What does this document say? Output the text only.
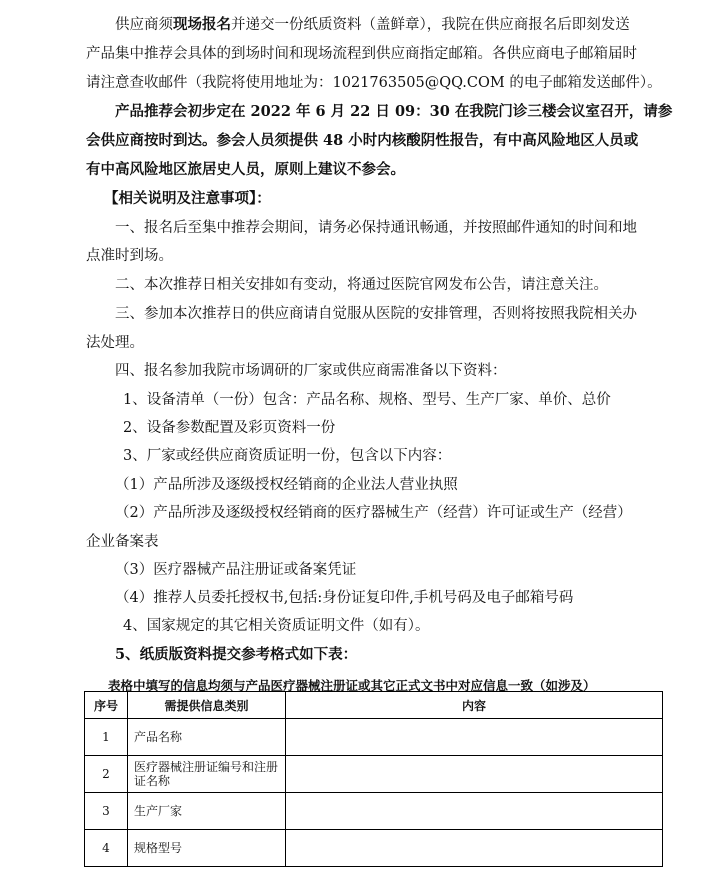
供应商须现场报名并递交一份纸质资料（盖鲜章），我院在供应商报名后即刻发送
产品集中推荐会具体的到场时间和现场流程到供应商指定邮箱。各供应商电子邮箱届时
请注意查收邮件（我院将使用地址为：1021763505@QQ.COM 的电子邮箱发送邮件）。
产品推荐会初步定在 2022 年 6 月 22 日 09：30 在我院门诊三楼会议室召开，请参
会供应商按时到达。参会人员须提供 48 小时内核酸阴性报告，有中高风险地区人员或
有中高风险地区旅居史人员，原则上建议不参会。
【相关说明及注意事项】：
一、报名后至集中推荐会期间，请务必保持通讯畅通，并按照邮件通知的时间和地
点准时到场。
二、本次推荐日相关安排如有变动，将通过医院官网发布公告，请注意关注。
三、参加本次推荐日的供应商请自觉服从医院的安排管理，否则将按照我院相关办
法处理。
四、报名参加我院市场调研的厂家或供应商需准备以下资料：
1、设备清单（一份）包含：产品名称、规格、型号、生产厂家、单价、总价
2、设备参数配置及彩页资料一份
3、厂家或经供应商资质证明一份，包含以下内容：
（1）产品所涉及逐级授权经销商的企业法人营业执照
（2）产品所涉及逐级授权经销商的医疗器械生产（经营）许可证或生产（经营）
企业备案表
（3）医疗器械产品注册证或备案凭证
（4）推荐人员委托授权书,包括:身份证复印件,手机号码及电子邮箱号码
4、国家规定的其它相关资质证明文件（如有）。
5、纸质版资料提交参考格式如下表：
表格中填写的信息均须与产品医疗器械注册证或其它正式文书中对应信息一致（如涉及）
序号	需提供信息类别	内容
1	产品名称	
2	医疗器械注册证编号和注册证名称	
3	生产厂家	
4	规格型号	
